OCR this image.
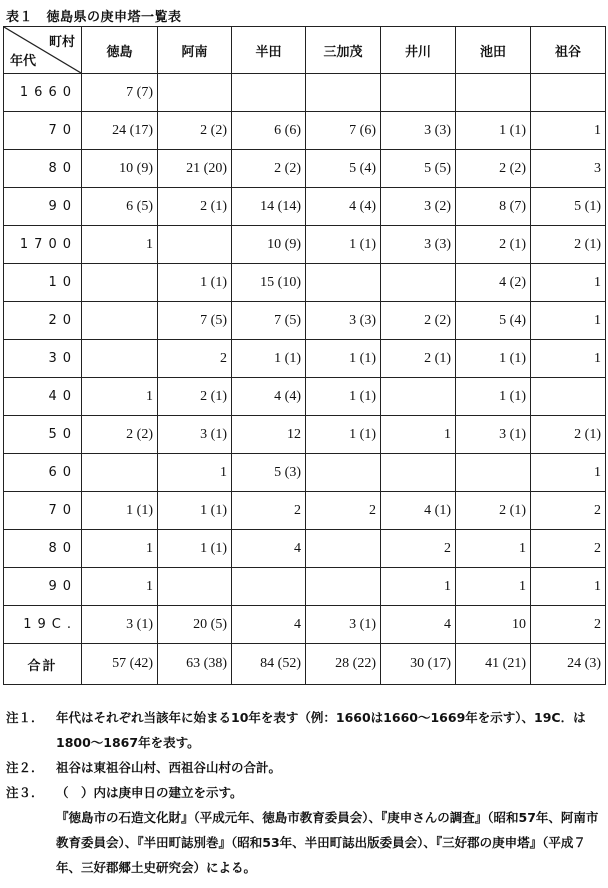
表１　徳島県の庚申塔一覧表
町村
年代	徳島	阿南	半田	三加茂	井川	池田	祖谷
1660	7 (7)						
70	24 (17)	2 (2)	6 (6)	7 (6)	3 (3)	1 (1)	1
80	10 (9)	21 (20)	2 (2)	5 (4)	5 (5)	2 (2)	3
90	6 (5)	2 (1)	14 (14)	4 (4)	3 (2)	8 (7)	5 (1)
1700	1		10 (9)	1 (1)	3 (3)	2 (1)	2 (1)
10		1 (1)	15 (10)			4 (2)	1
20		7 (5)	7 (5)	3 (3)	2 (2)	5 (4)	1
30		2	1 (1)	1 (1)	2 (1)	1 (1)	1
40	1	2 (1)	4 (4)	1 (1)		1 (1)	
50	2 (2)	3 (1)	12	1 (1)	1	3 (1)	2 (1)
60		1	5 (3)				1
70	1 (1)	1 (1)	2	2	4 (1)	2 (1)	2
80	1	1 (1)	4		2	1	2
90	1				1	1	1
19C.	3 (1)	20 (5)	4	3 (1)	4	10	2
合計	57 (42)	63 (38)	84 (52)	28 (22)	30 (17)	41 (21)	24 (3)
注１． 年代はそれぞれ当該年に始まる10年を表す（例：1660は1660～1669年を示す）、19C．は1800～1867年を表す。
注２． 祖谷は東祖谷山村、西祖谷山村の合計。
注３． （　）内は庚申日の建立を示す。
『徳島市の石造文化財』（平成元年、徳島市教育委員会）、『庚申さんの調査』（昭和57年、阿南市教育委員会）、『半田町誌別巻』（昭和53年、半田町誌出版委員会）、『三好郡の庚申塔』（平成７年、三好郡郷土史研究会）による。
